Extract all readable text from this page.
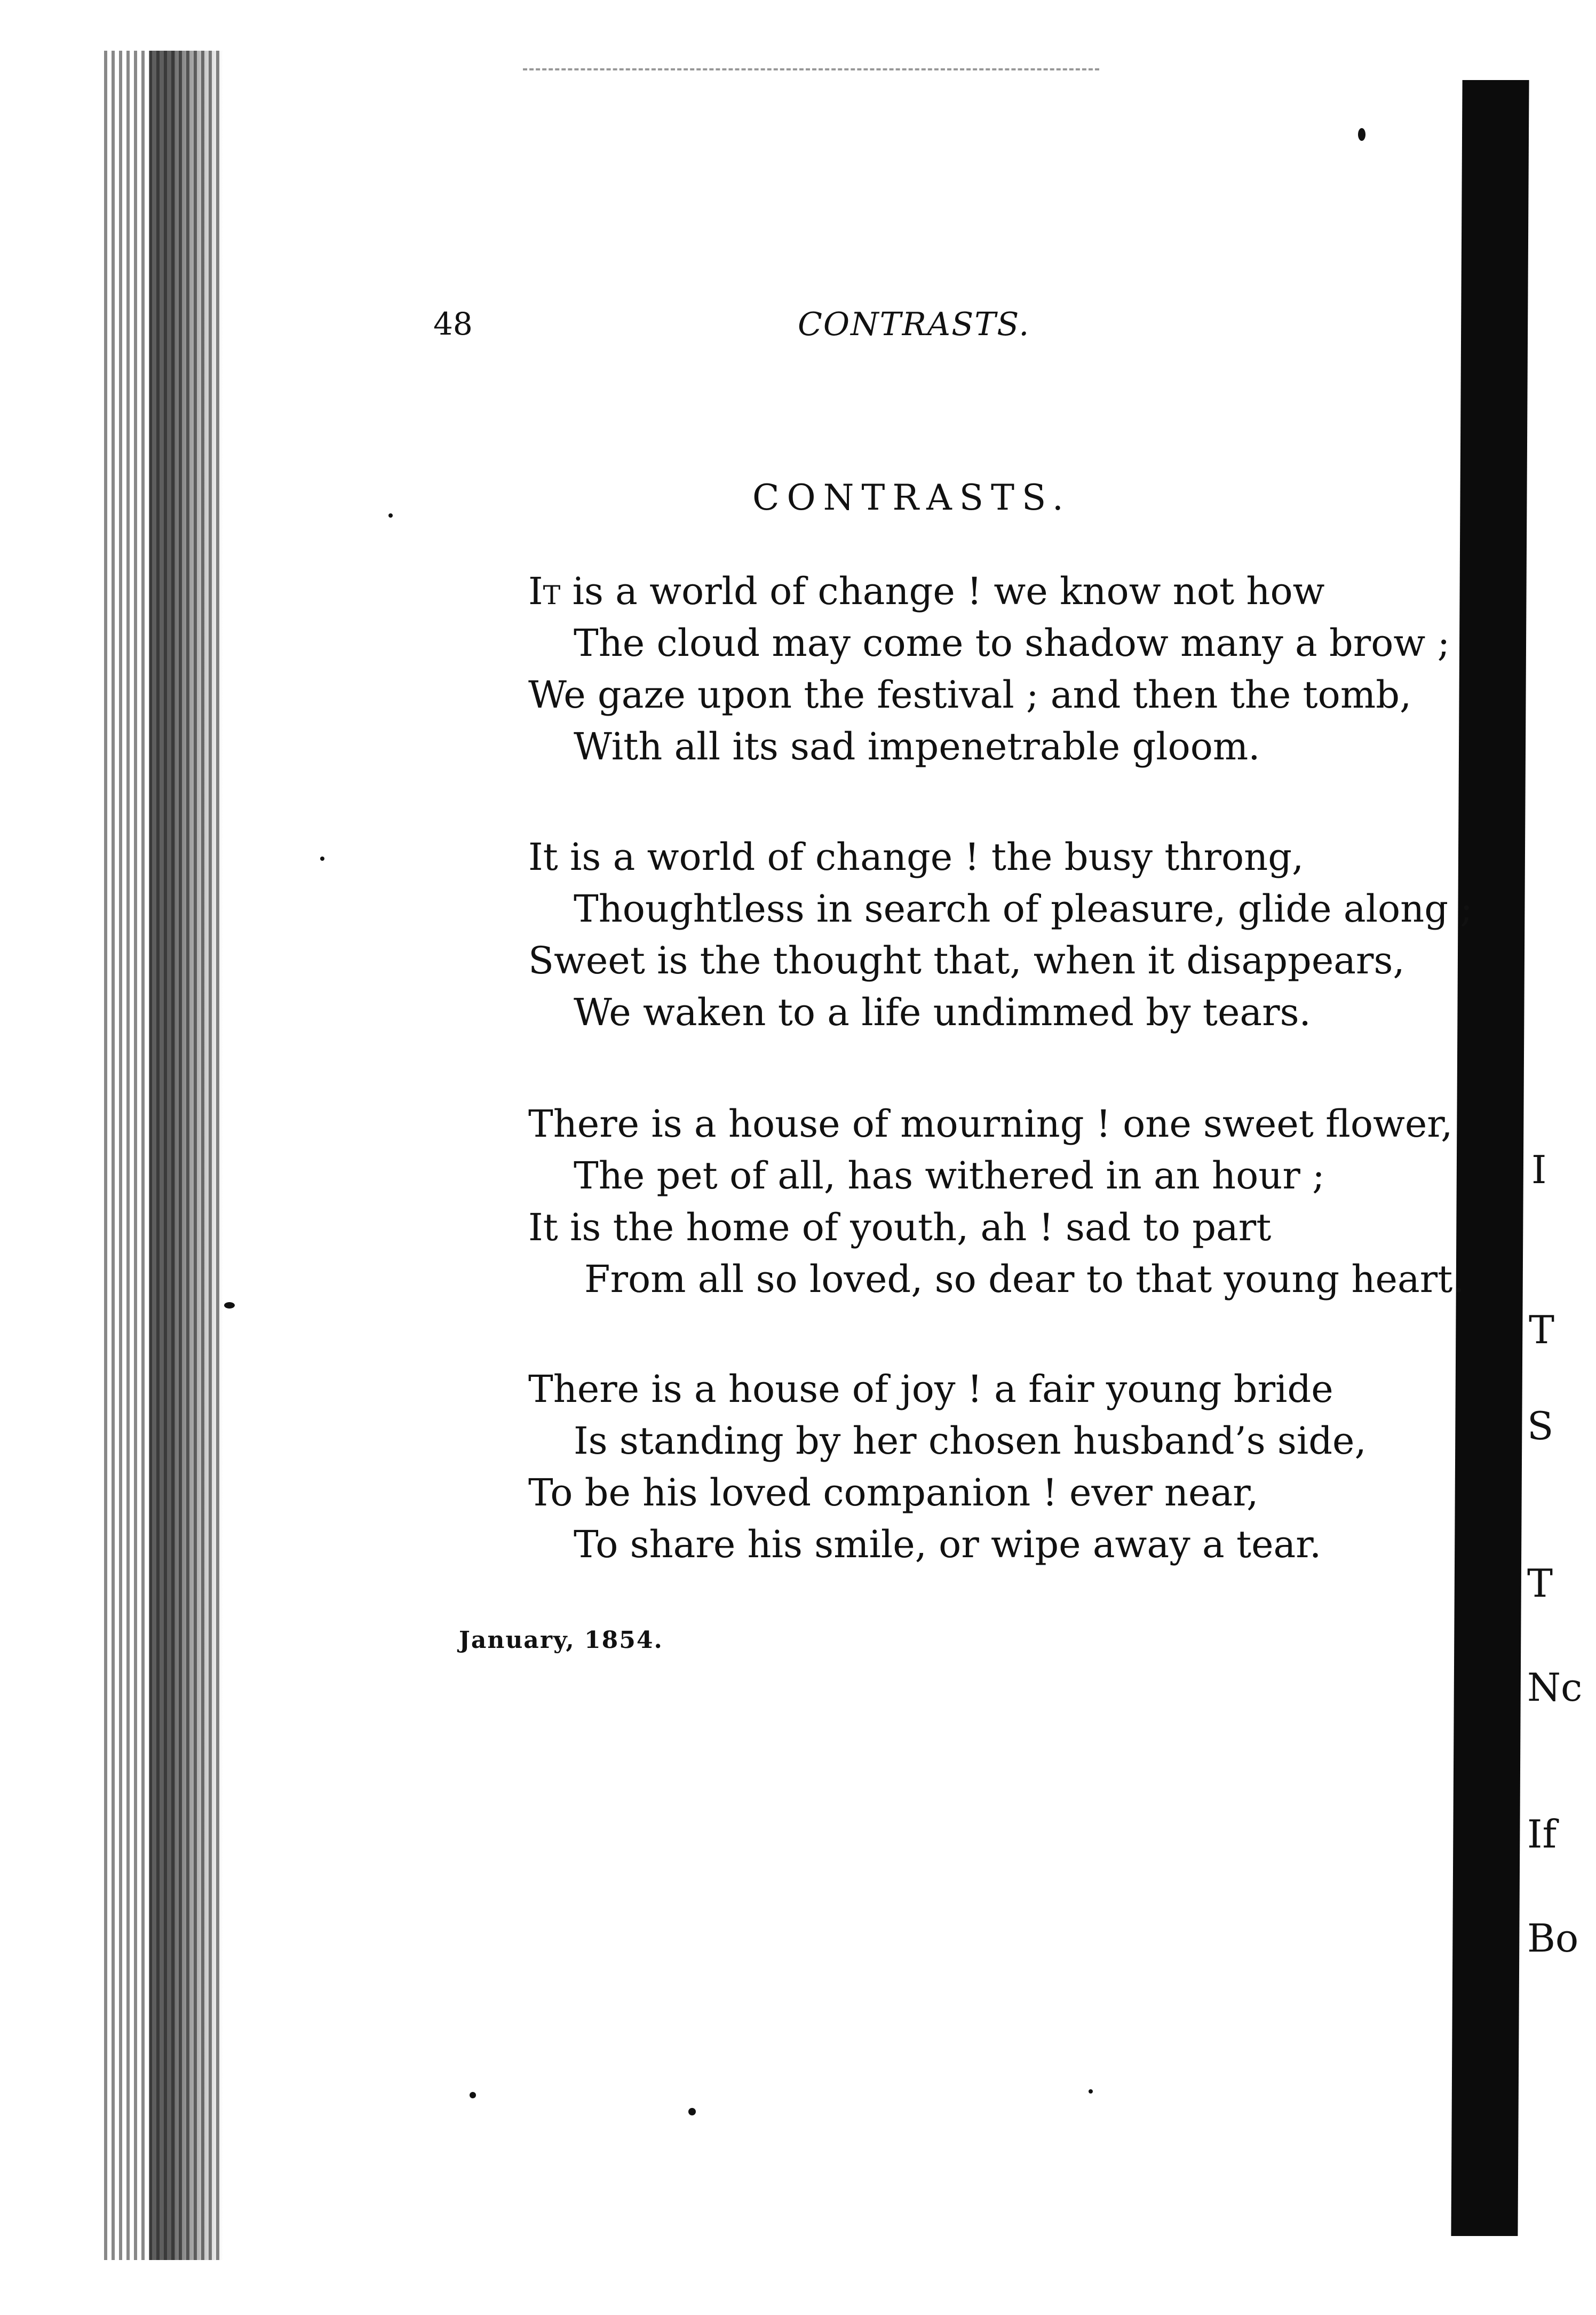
I
T
S
T
Nc
If
Bo
48	CONTRASTS.
CONTRASTS.
It is a world of change ! we know not how
The cloud may come to shadow many a brow ;
We gaze upon the festival ; and then the tomb,
With all its sad impenetrable gloom.
It is a world of change ! the busy throng,
Thoughtless in search of pleasure, glide along ;
Sweet is the thought that, when it disappears,
We waken to a life undimmed by tears.
There is a house of mourning ! one sweet flower,
The pet of all, has withered in an hour ;
It is the home of youth, ah ! sad to part
From all so loved, so dear to that young heart.
There is a house of joy ! a fair young bride
Is standing by her chosen husband’s side,
To be his loved companion ! ever near,
To share his smile, or wipe away a tear.
January, 1854.
